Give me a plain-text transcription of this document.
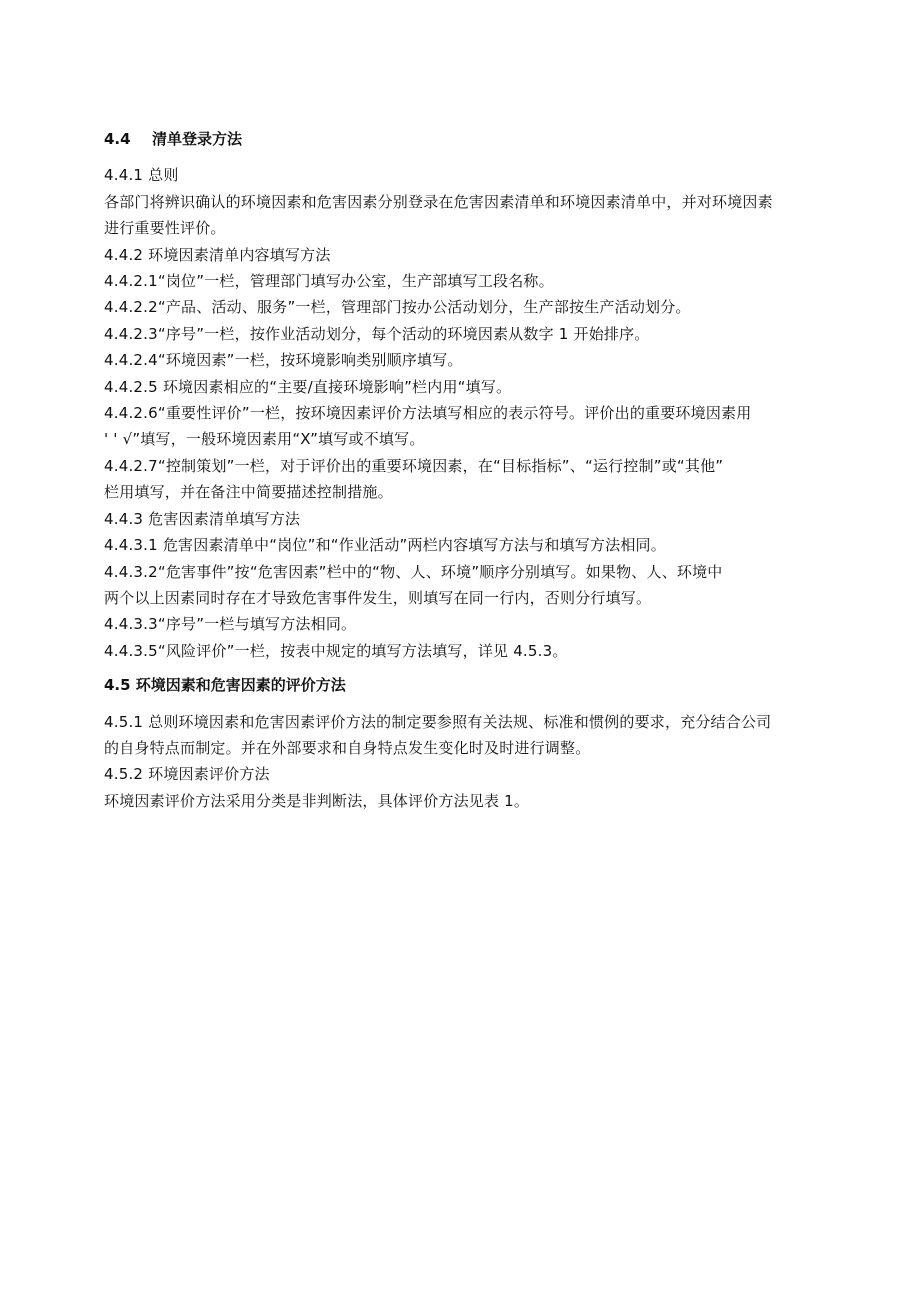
4.4 清单登录方法
4.4.1 总则
各部门将辨识确认的环境因素和危害因素分别登录在危害因素清单和环境因素清单中，并对环境因素
进行重要性评价。
4.4.2 环境因素清单内容填写方法
4.4.2.1“岗位”一栏，管理部门填写办公室，生产部填写工段名称。
4.4.2.2“产品、活动、服务”一栏，管理部门按办公活动划分，生产部按生产活动划分。
4.4.2.3“序号”一栏，按作业活动划分，每个活动的环境因素从数字 1 开始排序。
4.4.2.4“环境因素”一栏，按环境影响类别顺序填写。
4.4.2.5 环境因素相应的“主要/直接环境影响”栏内用“填写。
4.4.2.6“重要性评价”一栏，按环境因素评价方法填写相应的表示符号。评价出的重要环境因素用
' ' √”填写，一般环境因素用“X”填写或不填写。
4.4.2.7“控制策划”一栏，对于评价出的重要环境因素，在“目标指标”、“运行控制”或“其他”
栏用填写，并在备注中简要描述控制措施。
4.4.3 危害因素清单填写方法
4.4.3.1 危害因素清单中“岗位”和“作业活动”两栏内容填写方法与和填写方法相同。
4.4.3.2“危害事件”按“危害因素”栏中的“物、人、环境”顺序分别填写。如果物、人、环境中
两个以上因素同时存在才导致危害事件发生，则填写在同一行内，否则分行填写。
4.4.3.3“序号”一栏与填写方法相同。
4.4.3.5“风险评价”一栏，按表中规定的填写方法填写，详见 4.5.3。
4.5 环境因素和危害因素的评价方法
4.5.1 总则环境因素和危害因素评价方法的制定要参照有关法规、标准和惯例的要求，充分结合公司
的自身特点而制定。并在外部要求和自身特点发生变化时及时进行调整。
4.5.2 环境因素评价方法
环境因素评价方法采用分类是非判断法，具体评价方法见表 1。
